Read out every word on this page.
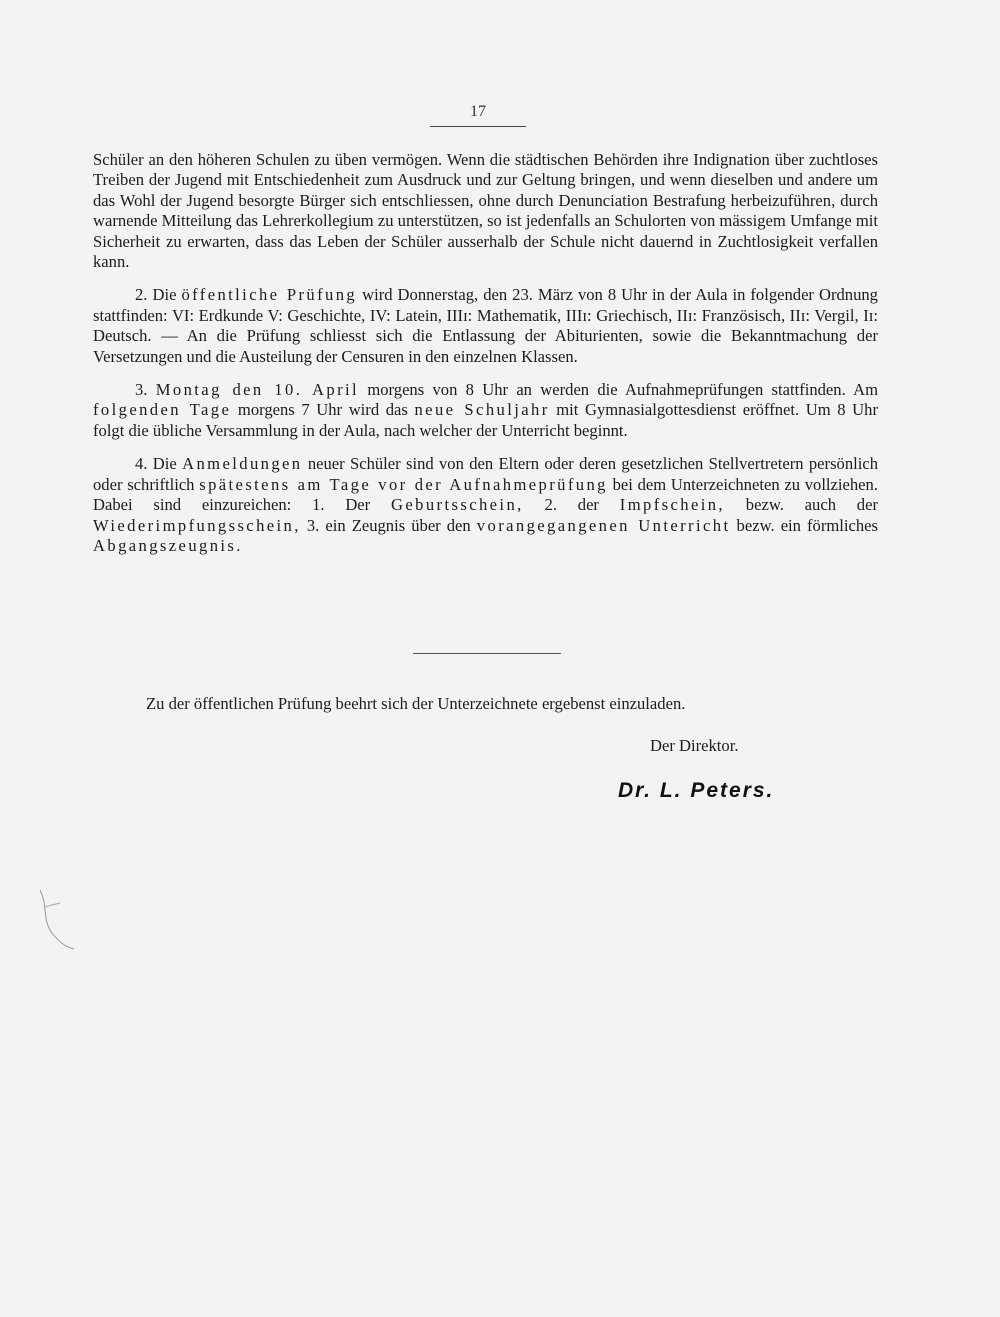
17

Schüler an den höheren Schulen zu üben vermögen. Wenn die städtischen Behörden ihre Indignation über zuchtloses Treiben der Jugend mit Entschiedenheit zum Ausdruck und zur Geltung bringen, und wenn dieselben und andere um das Wohl der Jugend besorgte Bürger sich entschliessen, ohne durch Denunciation Bestrafung herbeizuführen, durch warnende Mitteilung das Lehrerkollegium zu unterstützen, so ist jedenfalls an Schulorten von mässigem Umfange mit Sicherheit zu erwarten, dass das Leben der Schüler ausserhalb der Schule nicht dauernd in Zuchtlosigkeit verfallen kann.

2. Die öffentliche Prüfung wird Donnerstag, den 23. März von 8 Uhr in der Aula in folgender Ordnung stattfinden: VI: Erdkunde V: Geschichte, IV: Latein, IIIɪ: Mathematik, IIIɪ: Griechisch, IIɪ: Französisch, IIɪ: Vergil, Iɪ: Deutsch. — An die Prüfung schliesst sich die Entlassung der Abiturienten, sowie die Bekanntmachung der Versetzungen und die Austeilung der Censuren in den einzelnen Klassen.

3. Montag den 10. April morgens von 8 Uhr an werden die Aufnahmeprüfungen stattfinden. Am folgenden Tage morgens 7 Uhr wird das neue Schuljahr mit Gymnasialgottesdienst eröffnet. Um 8 Uhr folgt die übliche Versammlung in der Aula, nach welcher der Unterricht beginnt.

4. Die Anmeldungen neuer Schüler sind von den Eltern oder deren gesetzlichen Stellvertretern persönlich oder schriftlich spätestens am Tage vor der Aufnahmeprüfung bei dem Unterzeichneten zu vollziehen. Dabei sind einzureichen: 1. Der Geburtsschein, 2. der Impfschein, bezw. auch der Wiederimpfungsschein, 3. ein Zeugnis über den vorangegangenen Unterricht bezw. ein förmliches Abgangszeugnis.

Zu der öffentlichen Prüfung beehrt sich der Unterzeichnete ergebenst einzuladen.
Der Direktor.
Dr. L. Peters.
